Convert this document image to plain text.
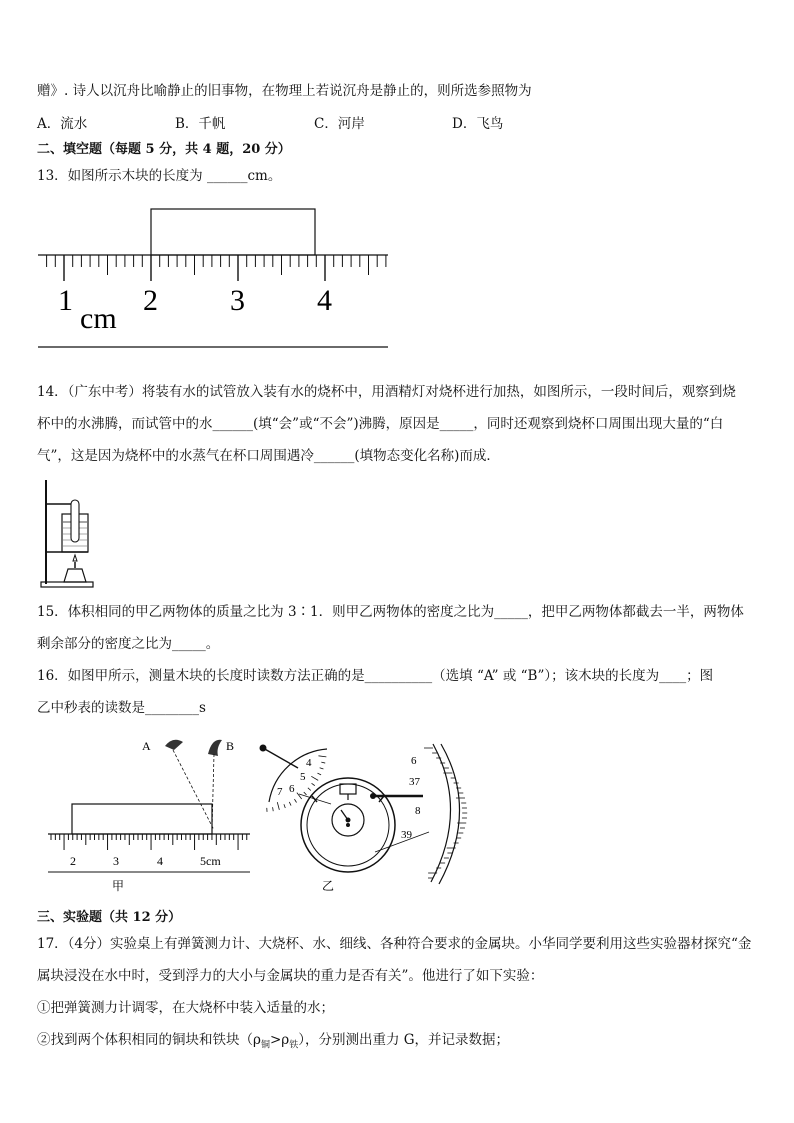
赠》. 诗人以沉舟比喻静止的旧事物，在物理上若说沉舟是静止的，则所选参照物为
A．流水	B．千帆	C．河岸	D．飞鸟
二、填空题（每题 5 分，共 4 题，20 分）
13．如图所示木块的长度为 ______cm。
1
cm
2 3 4
14．（广东中考）将装有水的试管放入装有水的烧杯中，用酒精灯对烧杯进行加热，如图所示，一段时间后，观察到烧
杯中的水沸腾，而试管中的水______(填“会”或“不会”)沸腾，原因是_____，同时还观察到烧杯口周围出现大量的“白
气”，这是因为烧杯中的水蒸气在杯口周围遇冷______(填物态变化名称)而成．
15．体积相同的甲乙两物体的质量之比为 3∶1．则甲乙两物体的密度之比为_____，把甲乙两物体都截去一半，两物体
剩余部分的密度之比为_____。
16．如图甲所示，测量木块的长度时读数方法正确的是__________（选填 “A” 或 “B”）；该木块的长度为____；图
乙中秒表的读数是________s
A	B
2	3	4	5cm
甲
4
5
6
7
6
37
8
39
乙
三、实验题（共 12 分）
17．（4分）实验桌上有弹簧测力计、大烧杯、水、细线、各种符合要求的金属块。小华同学要利用这些实验器材探究“金
属块浸没在水中时，受到浮力的大小与金属块的重力是否有关”。他进行了如下实验：
①把弹簧测力计调零，在大烧杯中装入适量的水；
②找到两个体积相同的铜块和铁块$(\rho_铜>\rho_铁)$，分别测出重力 G，并记录数据；
